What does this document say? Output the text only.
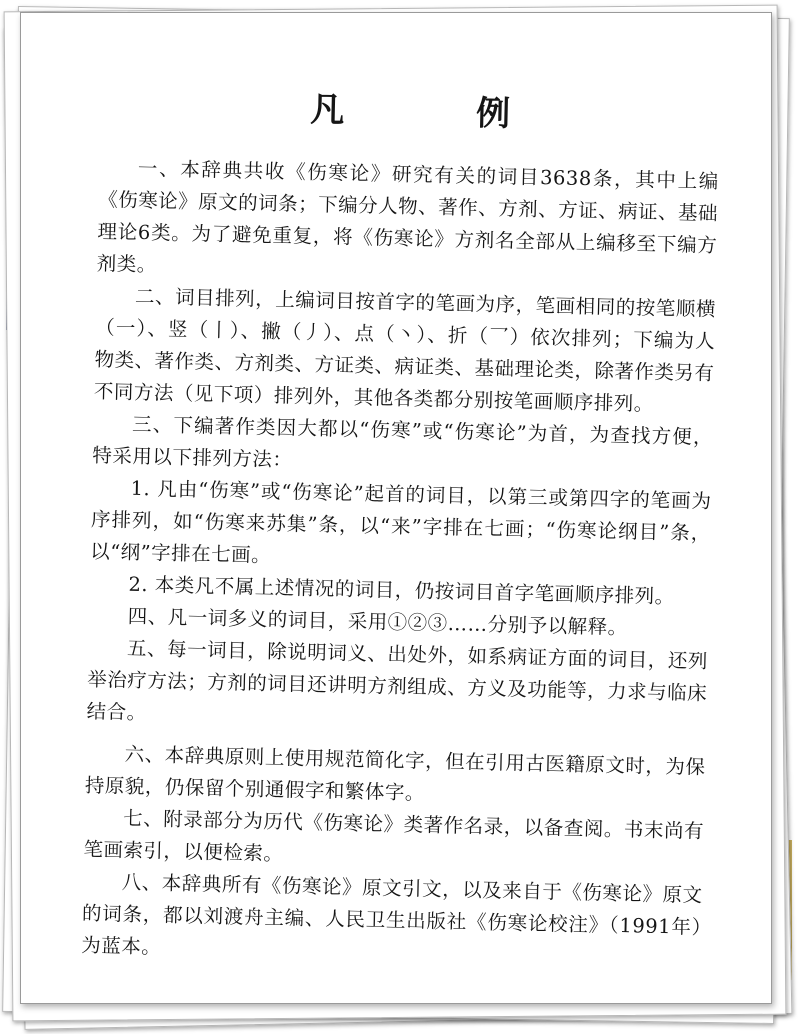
凡 例

一、本辞典共收《伤寒论》研究有关的词目3638条，其中上编《伤寒论》原文的词条；下编分人物、著作、方剂、方证、病证、基础理论6类。为了避免重复，将《伤寒论》方剂名全部从上编移至下编方剂类。

二、词目排列，上编词目按首字的笔画为序，笔画相同的按笔顺横（一）、竖（丨）、撇（丿）、点（丶）、折（乛）依次排列；下编为人物类、著作类、方剂类、方证类、病证类、基础理论类，除著作类另有不同方法（见下项）排列外，其他各类都分别按笔画顺序排列。

三、下编著作类因大都以“伤寒”或“伤寒论”为首，为查找方便，特采用以下排列方法：

1. 凡由“伤寒”或“伤寒论”起首的词目，以第三或第四字的笔画为序排列，如“伤寒来苏集”条，以“来”字排在七画；“伤寒论纲目”条，以“纲”字排在七画。

2. 本类凡不属上述情况的词目，仍按词目首字笔画顺序排列。

四、凡一词多义的词目，采用①②③……分别予以解释。

五、每一词目，除说明词义、出处外，如系病证方面的词目，还列举治疗方法；方剂的词目还讲明方剂组成、方义及功能等，力求与临床结合。

六、本辞典原则上使用规范简化字，但在引用古医籍原文时，为保持原貌，仍保留个别通假字和繁体字。

七、附录部分为历代《伤寒论》类著作名录，以备查阅。书末尚有笔画索引，以便检索。

八、本辞典所有《伤寒论》原文引文，以及来自于《伤寒论》原文的词条，都以刘渡舟主编、人民卫生出版社《伤寒论校注》（1991年）为蓝本。
